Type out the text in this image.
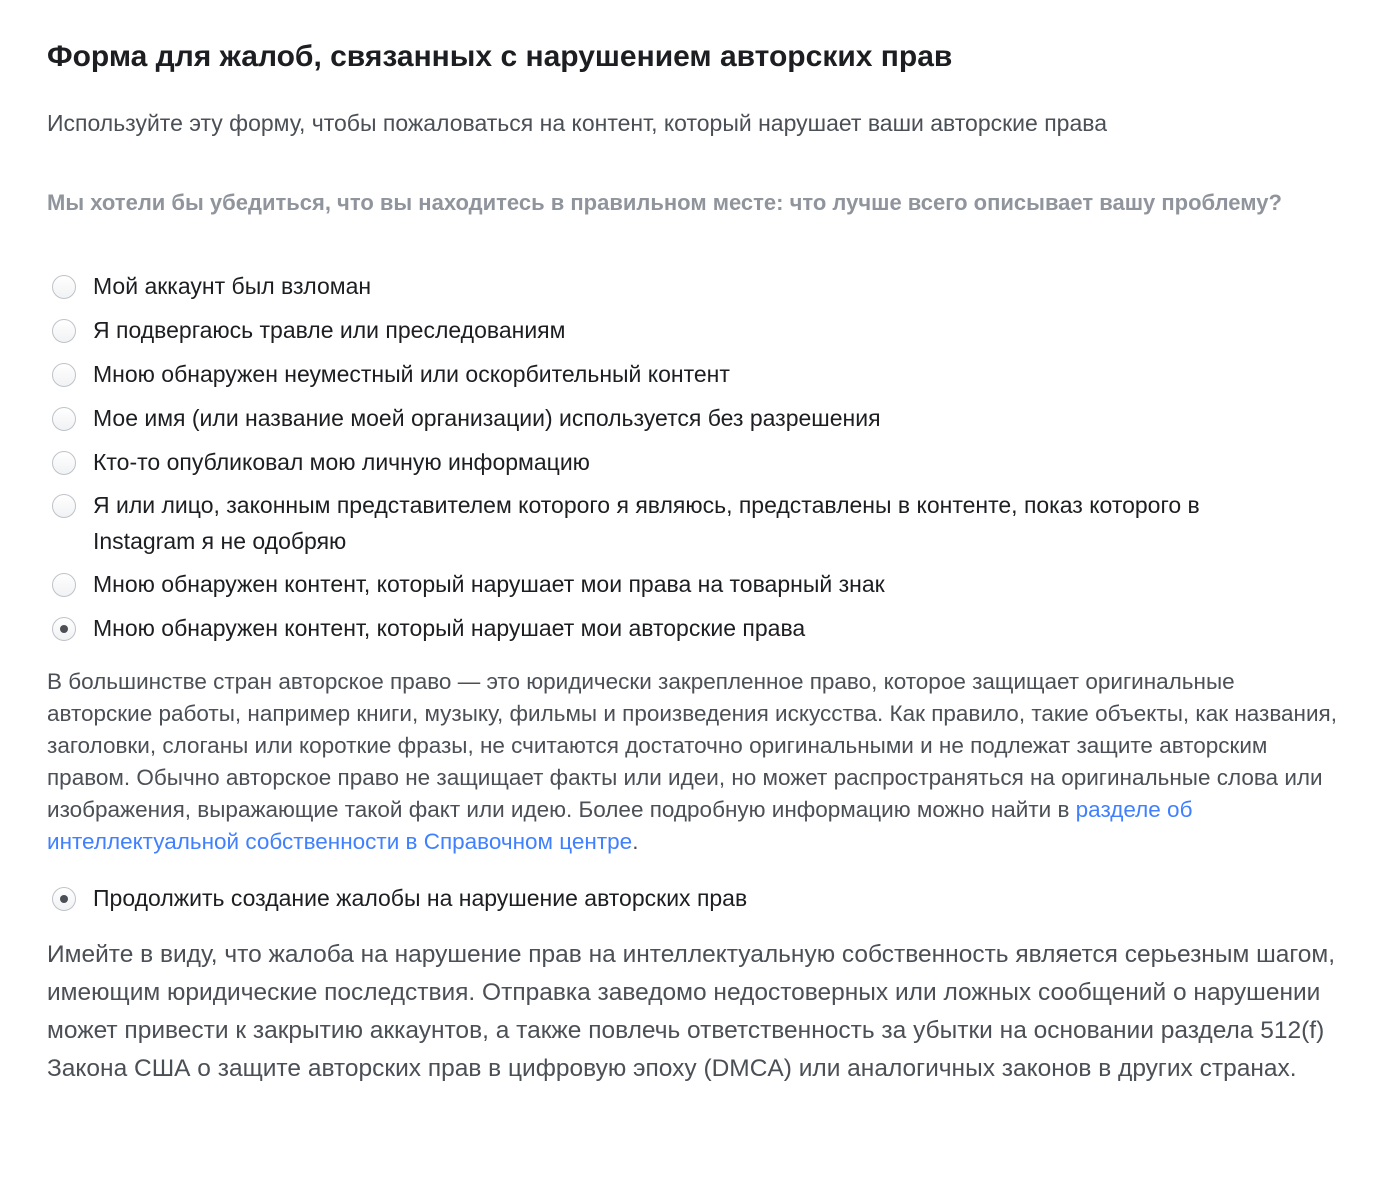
Форма для жалоб, связанных с нарушением авторских прав
Используйте эту форму, чтобы пожаловаться на контент, который нарушает ваши авторские права
Мы хотели бы убедиться, что вы находитесь в правильном месте: что лучше всего описывает вашу проблему?
Мой аккаунт был взломан
Я подвергаюсь травле или преследованиям
Мною обнаружен неуместный или оскорбительный контент
Мое имя (или название моей организации) используется без разрешения
Кто-то опубликовал мою личную информацию
Я или лицо, законным представителем которого я являюсь, представлены в контенте, показ которого в Instagram я не одобряю
Мною обнаружен контент, который нарушает мои права на товарный знак
Мною обнаружен контент, который нарушает мои авторские права
В большинстве стран авторское право — это юридически закрепленное право, которое защищает оригинальные авторские работы, например книги, музыку, фильмы и произведения искусства. Как правило, такие объекты, как названия, заголовки, слоганы или короткие фразы, не считаются достаточно оригинальными и не подлежат защите авторским правом. Обычно авторское право не защищает факты или идеи, но может распространяться на оригинальные слова или изображения, выражающие такой факт или идею. Более подробную информацию можно найти в разделе об интеллектуальной собственности в Справочном центре.
Продолжить создание жалобы на нарушение авторских прав
Имейте в виду, что жалоба на нарушение прав на интеллектуальную собственность является серьезным шагом, имеющим юридические последствия. Отправка заведомо недостоверных или ложных сообщений о нарушении может привести к закрытию аккаунтов, а также повлечь ответственность за убытки на основании раздела 512(f) Закона США о защите авторских прав в цифровую эпоху (DMCA) или аналогичных законов в других странах.
